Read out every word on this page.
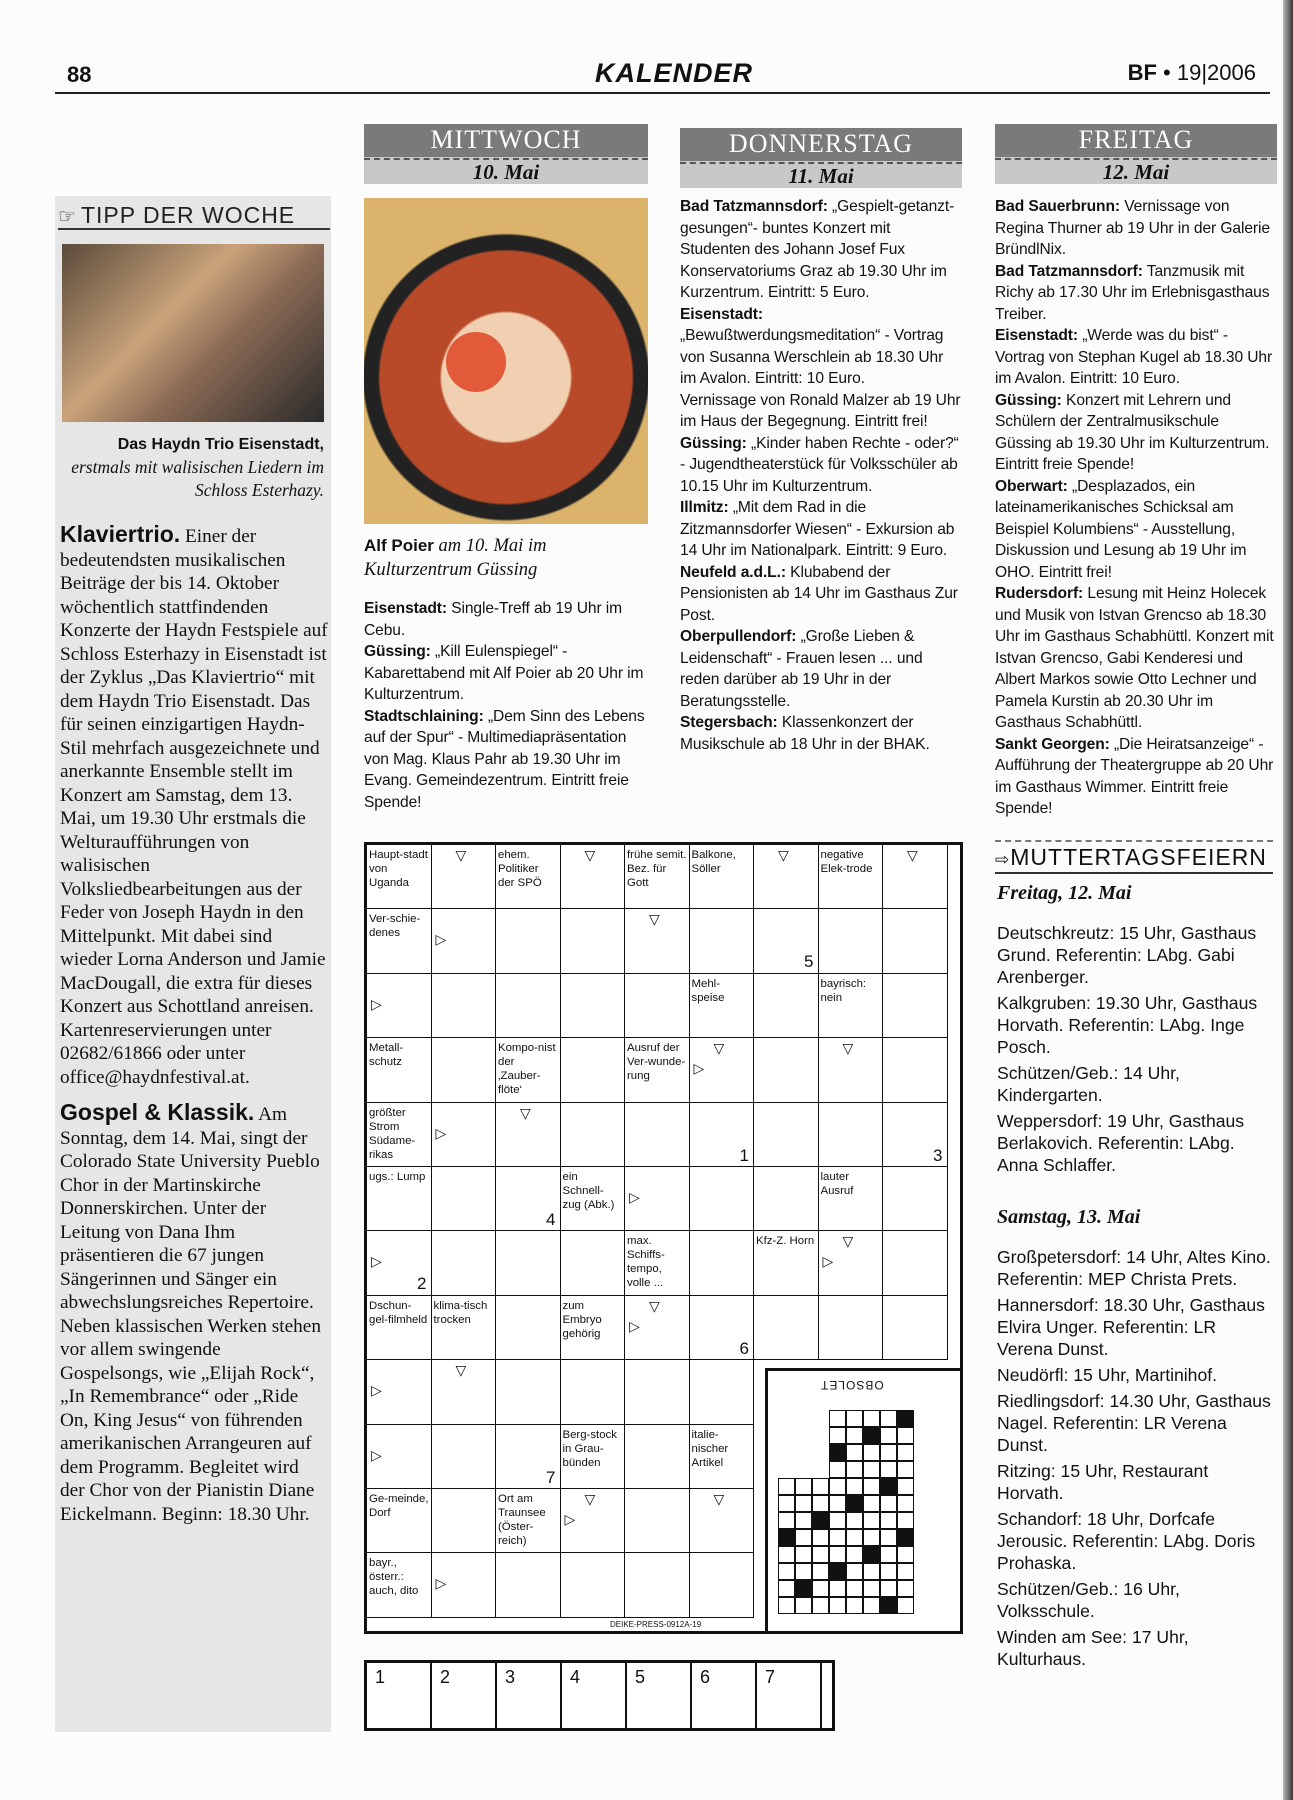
88	KALENDER	BF • 19|2006
☞ TIPP DER WOCHE
Das Haydn Trio Eisenstadt, erstmals mit walisischen Liedern im Schloss Esterhazy.
Klaviertrio. Einer der bedeutendsten musikalischen Beiträge der bis 14. Oktober wöchentlich stattfindenden Konzerte der Haydn Festspiele auf Schloss Esterhazy in Eisenstadt ist der Zyklus „Das Klaviertrio“ mit dem Haydn Trio Eisenstadt. Das für seinen einzigartigen Haydn-Stil mehrfach ausgezeichnete und anerkannte Ensemble stellt im Konzert am Samstag, dem 13. Mai, um 19.30 Uhr erstmals die Welturaufführungen von walisischen Volksliedbearbeitungen aus der Feder von Joseph Haydn in den Mittelpunkt. Mit dabei sind wieder Lorna Anderson und Jamie MacDougall, die extra für dieses Konzert aus Schottland anreisen. Kartenreservierungen unter 02682/61866 oder unter office@haydnfestival.at.
Gospel & Klassik. Am Sonntag, dem 14. Mai, singt der Colorado State University Pueblo Chor in der Martinskirche Donnerskirchen. Unter der Leitung von Dana Ihm präsentieren die 67 jungen Sängerinnen und Sänger ein abwechslungsreiches Repertoire. Neben klassischen Werken stehen vor allem swingende Gospelsongs, wie „Elijah Rock“, „In Remembrance“ oder „Ride On, King Jesus“ von führenden amerikanischen Arrangeuren auf dem Programm. Begleitet wird der Chor von der Pianistin Diane Eickelmann. Beginn: 18.30 Uhr.
MITTWOCH
10. Mai
DONNERSTAG
11. Mai
FREITAG
12. Mai
Alf Poier am 10. Mai im Kulturzentrum Güssing

Eisenstadt: Single-Treff ab 19 Uhr im Cebu.

Güssing: „Kill Eulenspiegel“ - Kabarettabend mit Alf Poier ab 20 Uhr im Kulturzentrum.

Stadtschlaining: „Dem Sinn des Lebens auf der Spur“ - Multimediapräsentation von Mag. Klaus Pahr ab 19.30 Uhr im Evang. Gemeindezentrum. Eintritt freie Spende!

Bad Tatzmannsdorf: „Gespielt-getanzt-gesungen“- buntes Konzert mit Studenten des Johann Josef Fux Konservatoriums Graz ab 19.30 Uhr im Kurzentrum. Eintritt: 5 Euro.

Eisenstadt: „Bewußtwerdungsmeditation“ - Vortrag von Susanna Werschlein ab 18.30 Uhr im Avalon. Eintritt: 10 Euro.

Vernissage von Ronald Malzer ab 19 Uhr im Haus der Begegnung. Eintritt frei!

Güssing: „Kinder haben Rechte - oder?“ - Jugendtheaterstück für Volksschüler ab 10.15 Uhr im Kulturzentrum.

Illmitz: „Mit dem Rad in die Zitzmannsdorfer Wiesen“ - Exkursion ab 14 Uhr im Nationalpark. Eintritt: 9 Euro.

Neufeld a.d.L.: Klubabend der Pensionisten ab 14 Uhr im Gasthaus Zur Post.

Oberpullendorf: „Große Lieben & Leidenschaft“ - Frauen lesen ... und reden darüber ab 19 Uhr in der Beratungsstelle.

Stegersbach: Klassenkonzert der Musikschule ab 18 Uhr in der BHAK.

Bad Sauerbrunn: Vernissage von Regina Thurner ab 19 Uhr in der Galerie BründlNix.

Bad Tatzmannsdorf: Tanzmusik mit Richy ab 17.30 Uhr im Erlebnisgasthaus Treiber.

Eisenstadt: „Werde was du bist“ - Vortrag von Stephan Kugel ab 18.30 Uhr im Avalon. Eintritt: 10 Euro.

Güssing: Konzert mit Lehrern und Schülern der Zentralmusikschule Güssing ab 19.30 Uhr im Kulturzentrum. Eintritt freie Spende!

Oberwart: „Desplazados, ein lateinamerikanisches Schicksal am Beispiel Kolumbiens“ - Ausstellung, Diskussion und Lesung ab 19 Uhr im OHO. Eintritt frei!

Rudersdorf: Lesung mit Heinz Holecek und Musik von Istvan Grencso ab 18.30 Uhr im Gasthaus Schabhüttl. Konzert mit Istvan Grencso, Gabi Kenderesi und Albert Markos sowie Otto Lechner und Pamela Kurstin ab 20.30 Uhr im Gasthaus Schabhüttl.

Sankt Georgen: „Die Heiratsanzeige“ - Aufführung der Theatergruppe ab 20 Uhr im Gasthaus Wimmer. Eintritt freie Spende!

⇨MUTTERTAGSFEIERN
Freitag, 12. Mai

Deutschkreutz: 15 Uhr, Gasthaus Grund. Referentin: LAbg. Gabi Arenberger.

Kalkgruben: 19.30 Uhr, Gasthaus Horvath. Referentin: LAbg. Inge Posch.

Schützen/Geb.: 14 Uhr, Kindergarten.

Weppersdorf: 19 Uhr, Gasthaus Berlakovich. Referentin: LAbg. Anna Schlaffer.

Samstag, 13. Mai

Großpetersdorf: 14 Uhr, Altes Kino. Referentin: MEP Christa Prets.

Hannersdorf: 18.30 Uhr, Gasthaus Elvira Unger. Referentin: LR Verena Dunst.

Neudörfl: 15 Uhr, Martinihof.

Riedlingsdorf: 14.30 Uhr, Gasthaus Nagel. Referentin: LR Verena Dunst.

Ritzing: 15 Uhr, Restaurant Horvath.

Schandorf: 18 Uhr, Dorfcafe Jerousic. Referentin: LAbg. Doris Prohaska.

Schützen/Geb.: 16 Uhr, Volksschule.

Winden am See: 17 Uhr, Kulturhaus.

Haupt-stadt von Uganda
ehem. Politiker der SPÖ
frühe semit. Bez. für Gott
Balkone, Söller
negative Elek-trode
Ver-schie-denes
Mehl-speise
bayrisch: nein
Metall-schutz
Kompo-nist der ‚Zauber-flöte‘
Ausruf der Ver-wunde-rung
größter Strom Südame-rikas
ugs.: Lump	ein Schnell-zug (Abk.)
lauter Ausruf
max. Schiffs-tempo, volle ...
Kfz-Z. Horn
Dschun-gel-filmheld
klima-tisch trocken
zum Embryo gehörig
Berg-stock in Grau-bünden
italie-nischer Artikel
Ge-meinde, Dorf
Ort am Traunsee (Öster-reich)
bayr., österr.: auch, dito
▽	▽	▽	▽
▷
▽
▷
▽	▽
▷
▽
▷
▷
▽
▷	▷
▽
▷
▽
▷
▷
▽
▷
▽
▷
1
2
3
4
5
6
7
OBSOLET
DEIKE-PRESS-0912A-19
1	2	3	4	5	6	7
